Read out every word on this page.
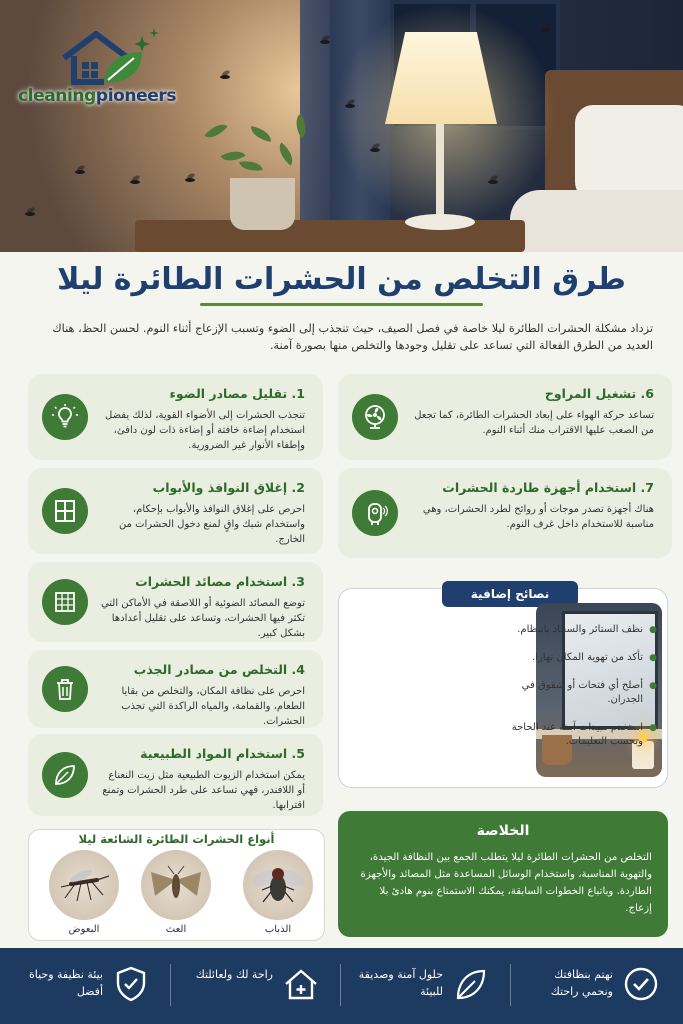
cleaningpioneers
طرق التخلص من الحشرات الطائرة ليلا

تزداد مشكلة الحشرات الطائرة ليلا خاصة في فصل الصيف، حيث تنجذب إلى الضوء وتسبب الإزعاج أثناء النوم. لحسن الحظ، هناك العديد من الطرق الفعالة التي تساعد على تقليل وجودها والتخلص منها بصورة آمنة.

1. تقليل مصادر الضوء
تنجذب الحشرات إلى الأضواء القوية، لذلك يفضل استخدام إضاءة خافتة أو إضاءة ذات لون دافئ، وإطفاء الأنوار غير الضرورية.
2. إغلاق النوافذ والأبواب
احرص على إغلاق النوافذ والأبواب بإحكام، واستخدام شبك واقٍ لمنع دخول الحشرات من الخارج.
3. استخدام مصائد الحشرات
توضع المصائد الضوئية أو اللاصقة في الأماكن التي تكثر فيها الحشرات، وتساعد على تقليل أعدادها بشكل كبير.
4. التخلص من مصادر الجذب
احرص على نظافة المكان، والتخلص من بقايا الطعام، والقمامة، والمياه الراكدة التي تجذب الحشرات.
5. استخدام المواد الطبيعية
يمكن استخدام الزيوت الطبيعية مثل زيت النعناع أو اللافندر، فهي تساعد على طرد الحشرات وتمنع اقترابها.
6. تشغيل المراوح
تساعد حركة الهواء على إبعاد الحشرات الطائرة، كما تجعل من الصعب عليها الاقتراب منك أثناء النوم.
7. استخدام أجهزة طاردة الحشرات
هناك أجهزة تصدر موجات أو روائح لطرد الحشرات، وهي مناسبة للاستخدام داخل غرف النوم.
نصائح إضافية
● نظف الستائر والسجاد بانتظام.
● تأكد من تهوية المكان نهارا.
● أصلح أي فتحات أو شقوق في الجدران.
● استخدم مبيدات آمنة عند الحاجة وبحسب التعليمات.
الخلاصة
التخلص من الحشرات الطائرة ليلا يتطلب الجمع بين النظافة الجيدة، والتهوية المناسبة، واستخدام الوسائل المساعدة مثل المصائد والأجهزة الطاردة. وباتباع الخطوات السابقة، يمكنك الاستمتاع بنوم هادئ بلا إزعاج.
أنواع الحشرات الطائرة الشائعة ليلا
الذباب
العث
البعوض
نهتم بنظافتك ونحمي راحتك
حلول آمنة وصديقة للبيئة
راحة لك ولعائلتك
بيئة نظيفة وحياة أفضل
